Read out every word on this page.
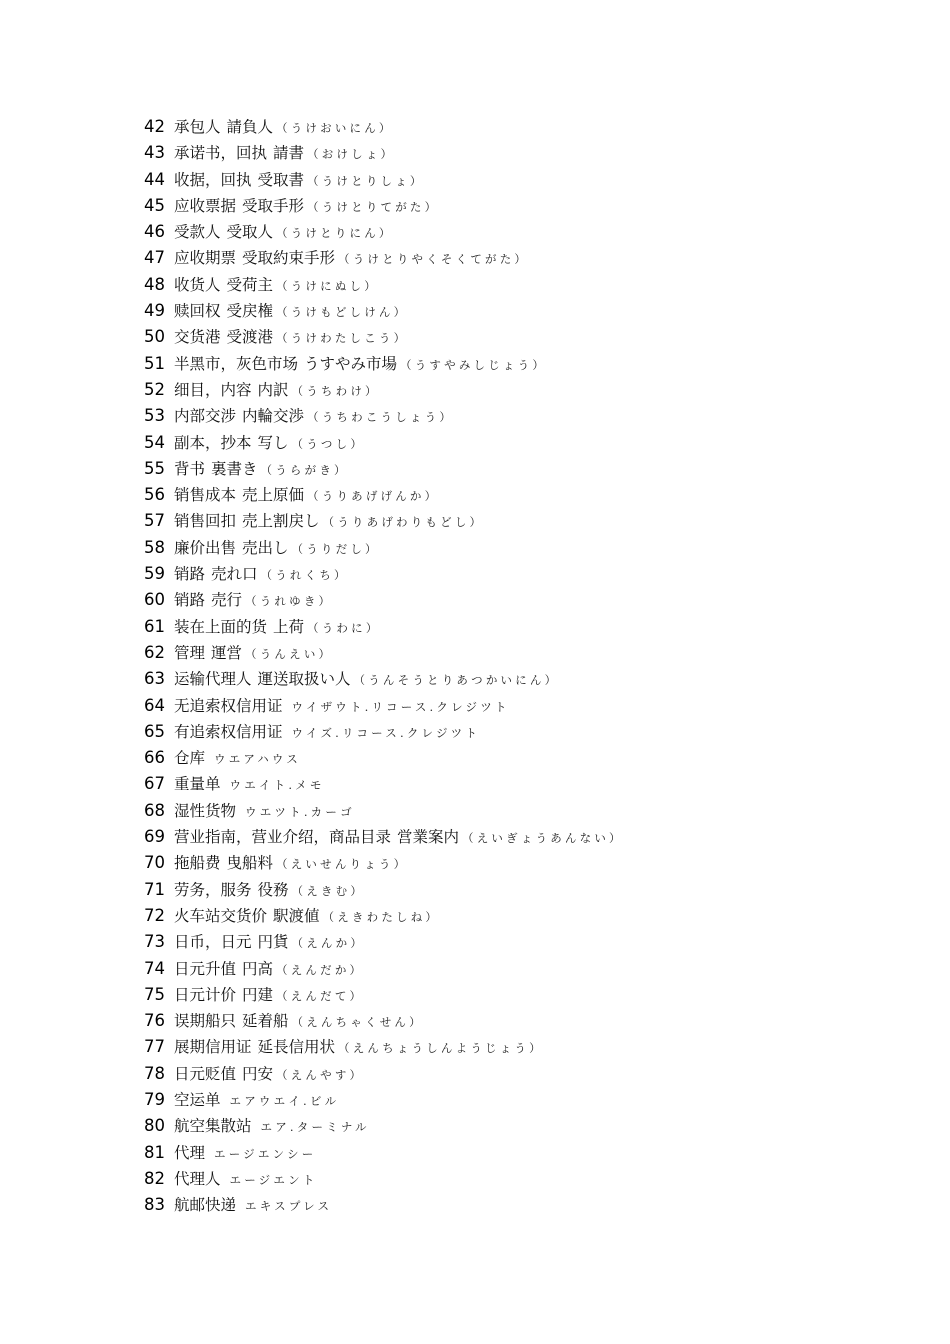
42 承包人 請負人 （うけおいにん）
43 承诺书，回执 請書 （おけしょ）
44 收据，回执 受取書 （うけとりしょ）
45 应收票据 受取手形 （うけとりてがた）
46 受款人 受取人 （うけとりにん）
47 应收期票 受取約束手形 （うけとりやくそくてがた）
48 收货人 受荷主 （うけにぬし）
49 赎回权 受戻権 （うけもどしけん）
50 交货港 受渡港 （うけわたしこう）
51 半黑市，灰色市场 うすやみ市場 （うすやみしじょう）
52 细目，内容 内訳 （うちわけ）
53 内部交涉 内輪交渉 （うちわこうしょう）
54 副本，抄本 写し （うつし）
55 背书 裏書き （うらがき）
56 销售成本 売上原価 （うりあげげんか）
57 销售回扣 売上割戻し （うりあげわりもどし）
58 廉价出售 売出し （うりだし）
59 销路 売れ口 （うれくち）
60 销路 売行 （うれゆき）
61 装在上面的货 上荷 （うわに）
62 管理 運営 （うんえい）
63 运输代理人 運送取扱い人 （うんそうとりあつかいにん）
64 无追索权信用证 ウイザウト.リコース.クレジツト
65 有追索权信用证 ウイズ.リコース.クレジツト
66 仓库 ウエアハウス
67 重量单 ウエイト.メモ
68 湿性货物 ウエツト.カーゴ
69 营业指南，营业介绍，商品目录 営業案内 （えいぎょうあんない）
70 拖船费 曳船料 （えいせんりょう）
71 劳务，服务 役務 （えきむ）
72 火车站交货价 駅渡値 （えきわたしね）
73 日币，日元 円貨 （えんか）
74 日元升值 円高 （えんだか）
75 日元计价 円建 （えんだて）
76 误期船只 延着船 （えんちゃくせん）
77 展期信用证 延長信用状 （えんちょうしんようじょう）
78 日元贬值 円安 （えんやす）
79 空运单 エアウエイ.ビル
80 航空集散站 エア.ターミナル
81 代理 エージエンシー
82 代理人 エージエント
83 航邮快递 エキスプレス
